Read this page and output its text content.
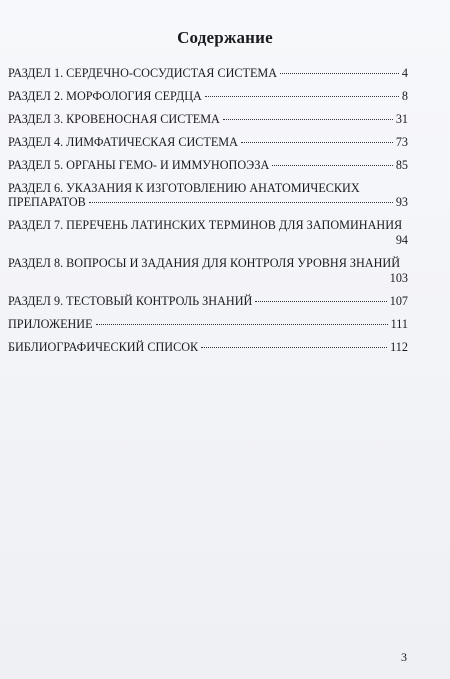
Содержание
РАЗДЕЛ 1. СЕРДЕЧНО-СОСУДИСТАЯ СИСТЕМА	4
РАЗДЕЛ 2. МОРФОЛОГИЯ СЕРДЦА	8
РАЗДЕЛ 3. КРОВЕНОСНАЯ СИСТЕМА	31
РАЗДЕЛ 4. ЛИМФАТИЧЕСКАЯ СИСТЕМА	73
РАЗДЕЛ 5. ОРГАНЫ ГЕМО- И ИММУНОПОЭЗА	85
РАЗДЕЛ 6. УКАЗАНИЯ К ИЗГОТОВЛЕНИЮ АНАТОМИЧЕСКИХ
ПРЕПАРАТОВ	93
РАЗДЕЛ 7. ПЕРЕЧЕНЬ ЛАТИНСКИХ ТЕРМИНОВ ДЛЯ ЗАПОМИНАНИЯ
94
РАЗДЕЛ 8. ВОПРОСЫ И ЗАДАНИЯ ДЛЯ КОНТРОЛЯ УРОВНЯ ЗНАНИЙ
103
РАЗДЕЛ 9. ТЕСТОВЫЙ КОНТРОЛЬ ЗНАНИЙ	107
ПРИЛОЖЕНИЕ	111
БИБЛИОГРАФИЧЕСКИЙ СПИСОК	112
3
